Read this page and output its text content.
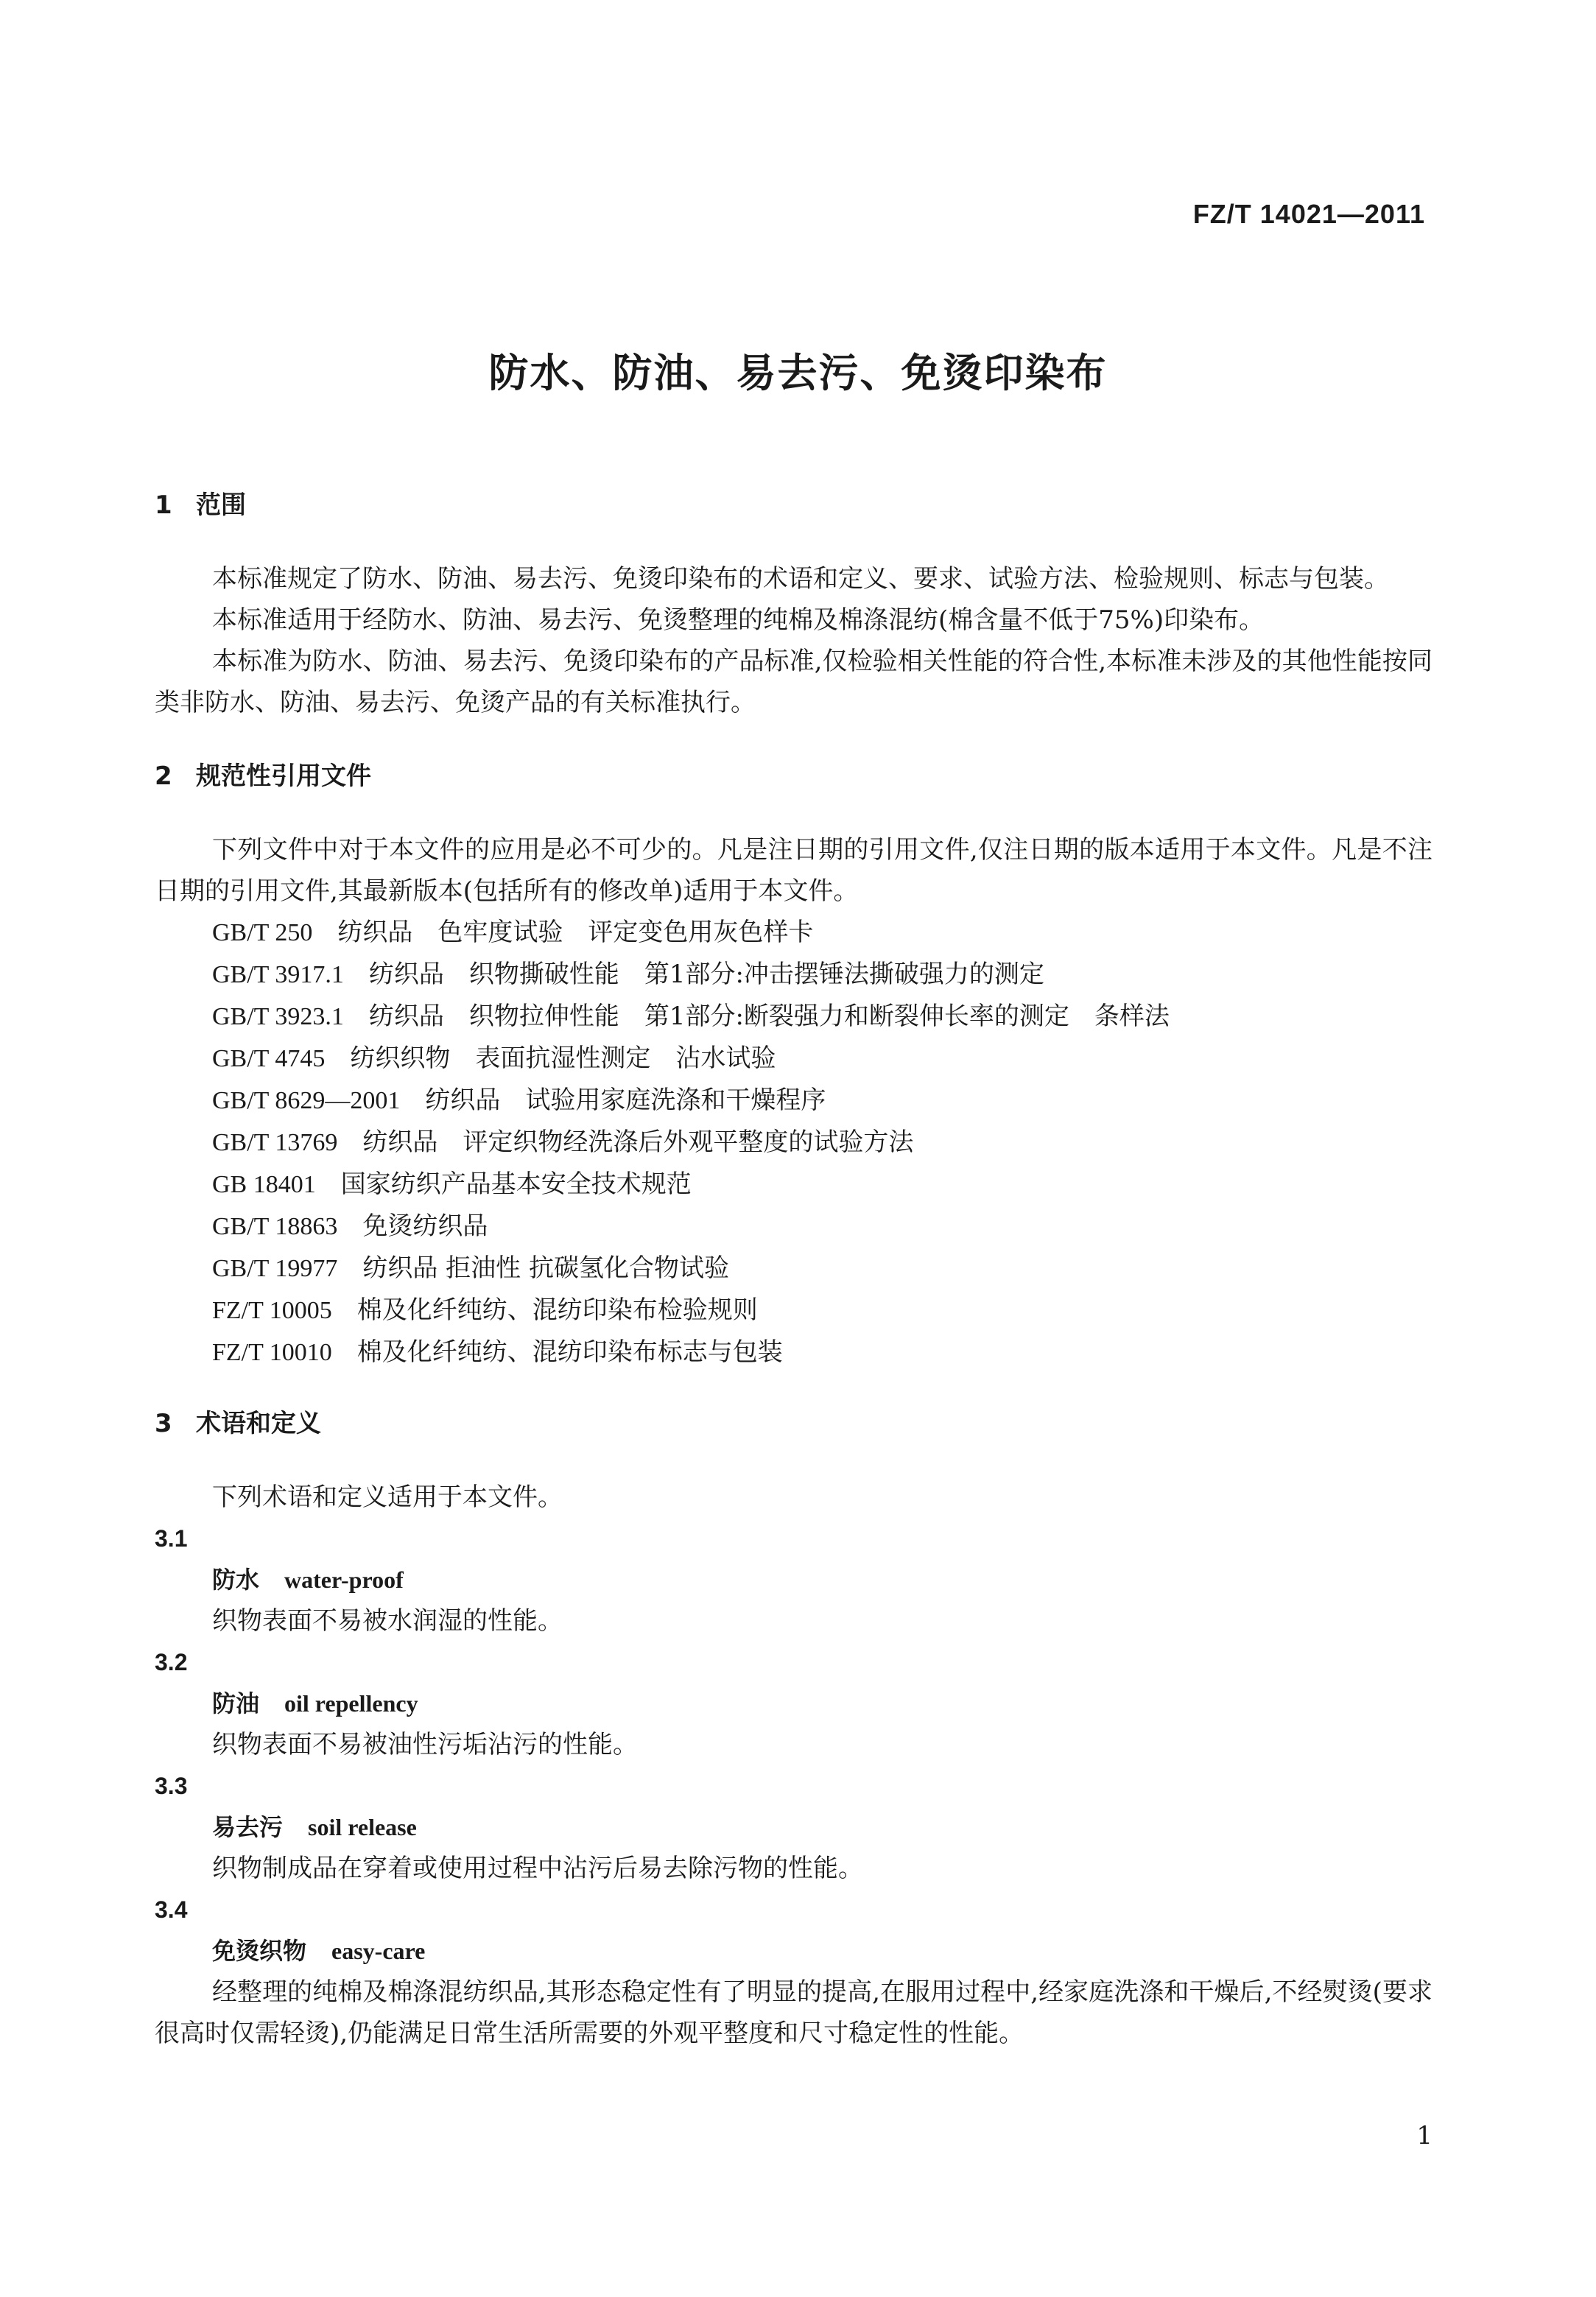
FZ/T 14021—2011
防水、防油、易去污、免烫印染布
1 范围

本标准规定了防水、防油、易去污、免烫印染布的术语和定义、要求、试验方法、检验规则、标志与包装。

本标准适用于经防水、防油、易去污、免烫整理的纯棉及棉涤混纺(棉含量不低于75%)印染布。

本标准为防水、防油、易去污、免烫印染布的产品标准,仅检验相关性能的符合性,本标准未涉及的其他性能按同类非防水、防油、易去污、免烫产品的有关标准执行。

2 规范性引用文件

下列文件中对于本文件的应用是必不可少的。凡是注日期的引用文件,仅注日期的版本适用于本文件。凡是不注日期的引用文件,其最新版本(包括所有的修改单)适用于本文件。

GB/T 250　 纺织品　色牢度试验　评定变色用灰色样卡
GB/T 3917.1　 纺织品　织物撕破性能　第1部分:冲击摆锤法撕破强力的测定
GB/T 3923.1　 纺织品　织物拉伸性能　第1部分:断裂强力和断裂伸长率的测定　条样法
GB/T 4745　 纺织织物　表面抗湿性测定　沾水试验
GB/T 8629—2001　 纺织品　试验用家庭洗涤和干燥程序
GB/T 13769　 纺织品　评定织物经洗涤后外观平整度的试验方法
GB 18401　 国家纺织产品基本安全技术规范
GB/T 18863　 免烫纺织品
GB/T 19977　 纺织品 拒油性 抗碳氢化合物试验
FZ/T 10005　 棉及化纤纯纺、混纺印染布检验规则
FZ/T 10010　 棉及化纤纯纺、混纺印染布标志与包装
3 术语和定义

下列术语和定义适用于本文件。

3.1
防水 water-proof
织物表面不易被水润湿的性能。
3.2
防油 oil repellency
织物表面不易被油性污垢沾污的性能。
3.3
易去污 soil release
织物制成品在穿着或使用过程中沾污后易去除污物的性能。
3.4
免烫织物 easy-care
经整理的纯棉及棉涤混纺织品,其形态稳定性有了明显的提高,在服用过程中,经家庭洗涤和干燥后,不经熨烫(要求很高时仅需轻烫),仍能满足日常生活所需要的外观平整度和尺寸稳定性的性能。
1
